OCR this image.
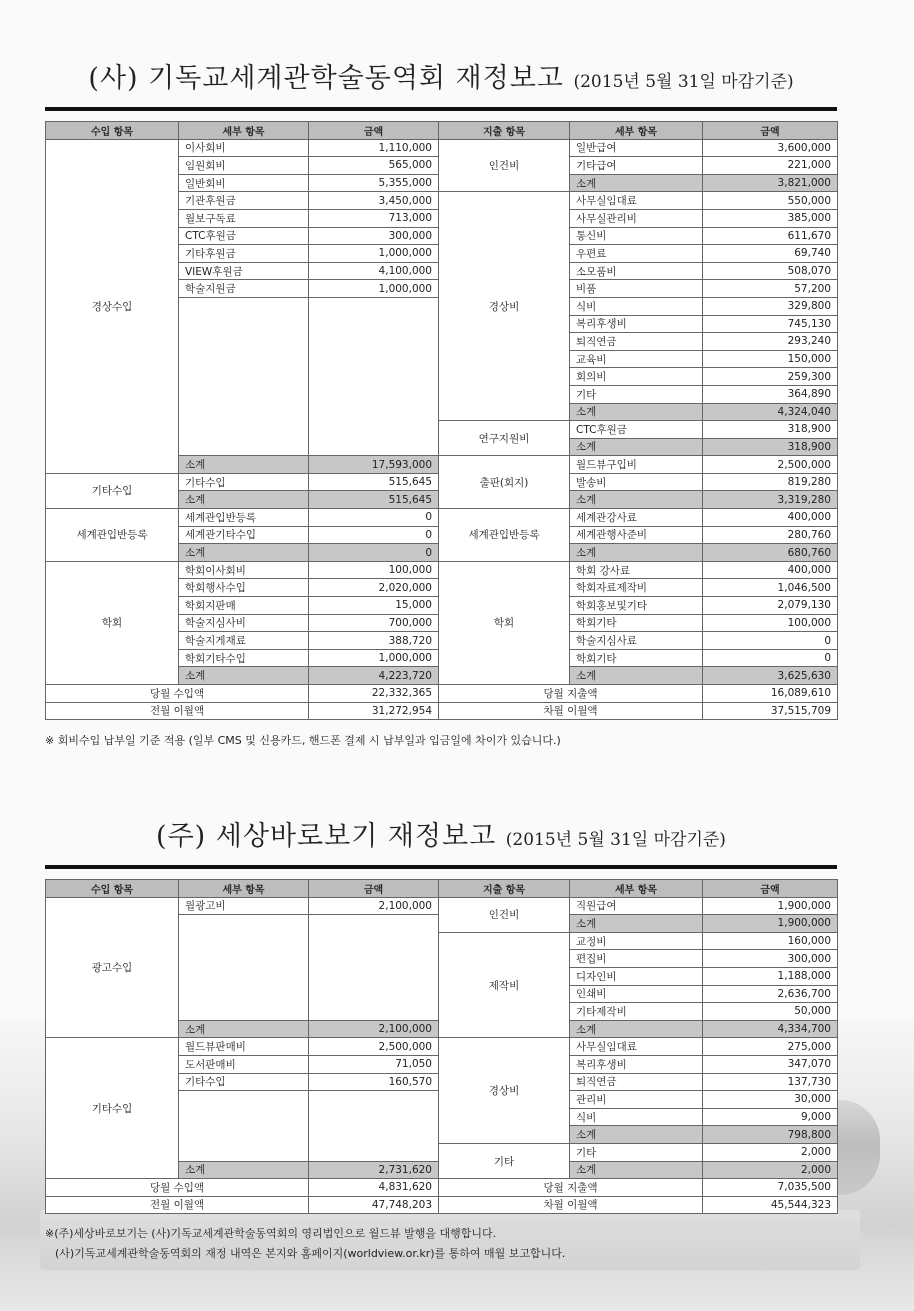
(사) 기독교세계관학술동역회 재정보고 (2015년 5월 31일 마감기준)
수입 항목	세부 항목	금액	지출 항목	세부 항목	금액
경상수입	이사회비	1,110,000	인건비	일반급여	3,600,000
	임원회비	565,000		기타급여	221,000
	일반회비	5,355,000		소계	3,821,000
	기관후원금	3,450,000	경상비	사무실임대료	550,000
	월보구독료	713,000		사무실관리비	385,000
	CTC후원금	300,000		통신비	611,670
	기타후원금	1,000,000		우편료	69,740
	VIEW후원금	4,100,000		소모품비	508,070
	학술지원금	1,000,000		비품	57,200
				식비	329,800
				복리후생비	745,130
				퇴직연금	293,240
				교육비	150,000
				회의비	259,300
				기타	364,890
				소계	4,324,040
			연구지원비	CTC후원금	318,900
				소계	318,900
	소계	17,593,000	출판(회지)	월드뷰구입비	2,500,000
기타수입	기타수입	515,645		발송비	819,280
	소계	515,645		소계	3,319,280
세계관입반등록	세계관입반등록	0	세계관입반등록	세계관강사료	400,000
	세계관기타수입	0		세계관행사준비	280,760
	소계	0		소계	680,760
학회	학회이사회비	100,000	학회	학회 강사료	400,000
	학회행사수입	2,020,000		학회자료제작비	1,046,500
	학회지판매	15,000		학회홍보및기타	2,079,130
	학술지심사비	700,000		학회기타	100,000
	학술지게재료	388,720		학술지심사료	0
	학회기타수입	1,000,000		학회기타	0
	소계	4,223,720		소계	3,625,630
당월 수입액		22,332,365	당월 지출액		16,089,610
전월 이월액		31,272,954	차월 이월액		37,515,709
※ 회비수입 납부일 기준 적용 (일부 CMS 및 신용카드, 핸드폰 결제 시 납부일과 입금일에 차이가 있습니다.)
(주) 세상바로보기 재정보고 (2015년 5월 31일 마감기준)
수입 항목	세부 항목	금액	지출 항목	세부 항목	금액
광고수입	월광고비	2,100,000	인건비	직원급여	1,900,000
				소계	1,900,000
			제작비	교정비	160,000
				편집비	300,000
				디자인비	1,188,000
				인쇄비	2,636,700
				기타제작비	50,000
	소계	2,100,000		소계	4,334,700
기타수입	월드뷰판매비	2,500,000	경상비	사무실임대료	275,000
	도서판매비	71,050		복리후생비	347,070
	기타수입	160,570		퇴직연금	137,730
				관리비	30,000
				식비	9,000
				소계	798,800
			기타	기타	2,000
	소계	2,731,620		소계	2,000
당월 수입액		4,831,620	당월 지출액		7,035,500
전월 이월액		47,748,203	차월 이월액		45,544,323
※(주)세상바로보기는 (사)기독교세계관학술동역회의 영리법인으로 월드뷰 발행을 대행합니다.
(사)기독교세계관학술동역회의 재정 내역은 본지와 홈페이지(worldview.or.kr)를 통하여 매월 보고합니다.
